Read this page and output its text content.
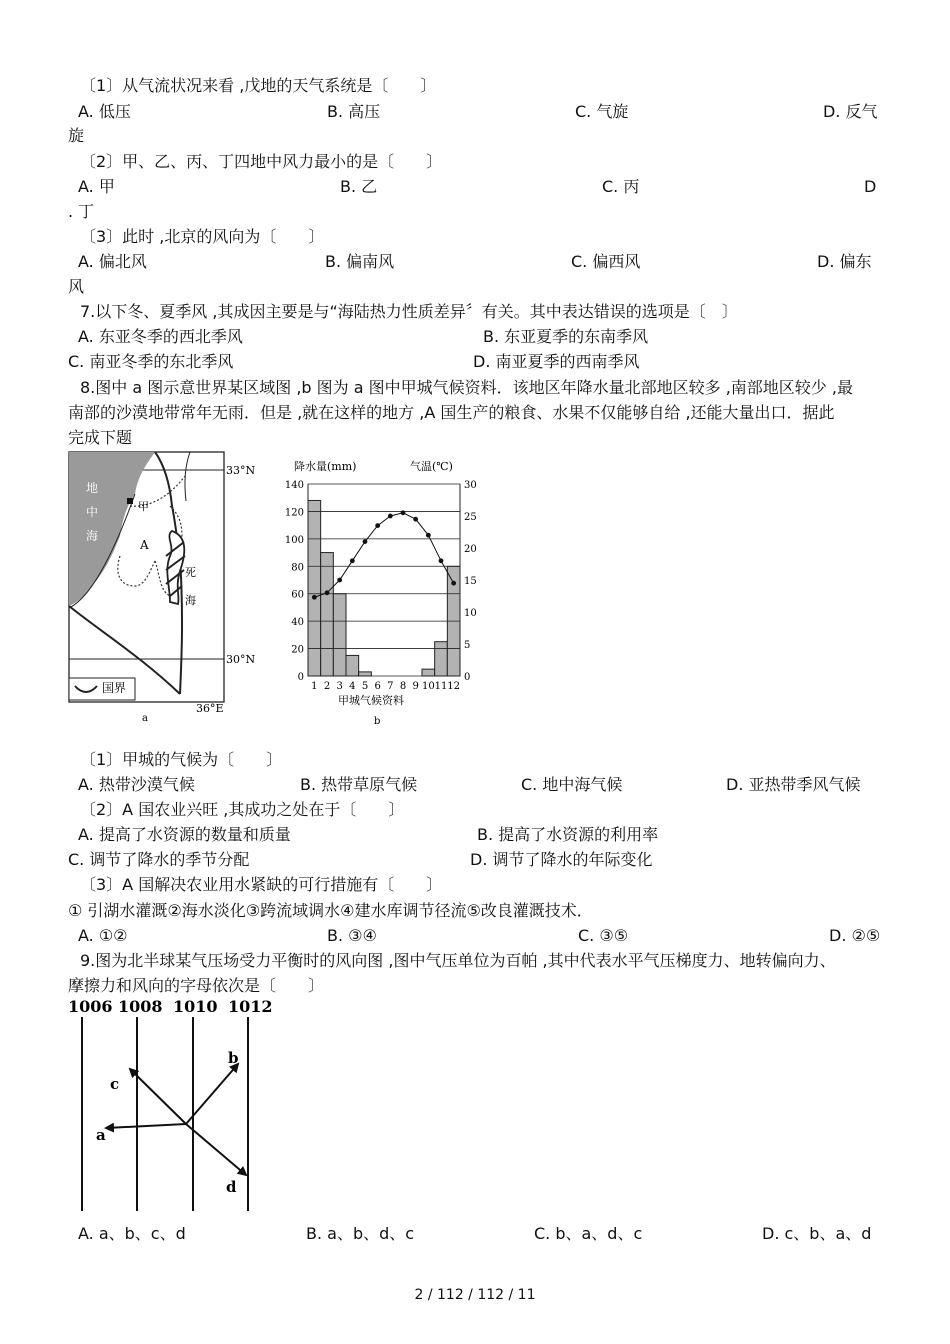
〔1〕从气流状况来看 ,戊地的天气系统是〔　　〕
A. 低压	B. 高压	C. 气旋	D. 反气
旋
〔2〕甲、乙、丙、丁四地中风力最小的是〔　　〕
A. 甲	B. 乙	C. 丙	D
. 丁
〔3〕此时 ,北京的风向为〔　　〕
A. 偏北风	B. 偏南风	C. 偏西风	D. 偏东
风
7.以下冬、夏季风 ,其成因主要是与“海陆热力性质差异〞有关。其中表达错误的选项是〔　〕
A. 东亚冬季的西北季风	B. 东亚夏季的东南季风
C. 南亚冬季的东北季风	D. 南亚夏季的西南季风
8.图中 a 图示意世界某区域图 ,b 图为 a 图中甲城气候资料．该地区年降水量北部地区较多 ,南部地区较少 ,最
南部的沙漠地带常年无雨．但是 ,就在这样的地方 ,A 国生产的粮食、水果不仅能够自给 ,还能大量出口．据此
完成下题
地
中
海
33°N
30°N
36°E
甲
A
死
海
国界
a
降水量(mm)	气温(℃)
0
20
40
60
80
100
120
140
0
5
10
15
20
25
30
1 2 3 4 5 6 7 8 9 10 11 12
甲城气候资料
b
〔1〕甲城的气候为〔　　〕
A. 热带沙漠气候	B. 热带草原气候	C. 地中海气候	D. 亚热带季风气候
〔2〕A 国农业兴旺 ,其成功之处在于〔　　〕
A. 提高了水资源的数量和质量	B. 提高了水资源的利用率
C. 调节了降水的季节分配	D. 调节了降水的年际变化
〔3〕A 国解决农业用水紧缺的可行措施有〔　　〕
① 引湖水灌溉②海水淡化③跨流域调水④建水库调节径流⑤改良灌溉技术．
A. ①②	B. ③④	C. ③⑤	D. ②⑤
9.图为北半球某气压场受力平衡时的风向图 ,图中气压单位为百帕 ,其中代表水平气压梯度力、地转偏向力、
摩擦力和风向的字母依次是〔　　〕
1006 1008 1010 1012
a
b
c
d
A. a、b、c、d	B. a、b、d、c	C. b、a、d、c	D. c、b、a、d
2 / 112 / 112 / 11
